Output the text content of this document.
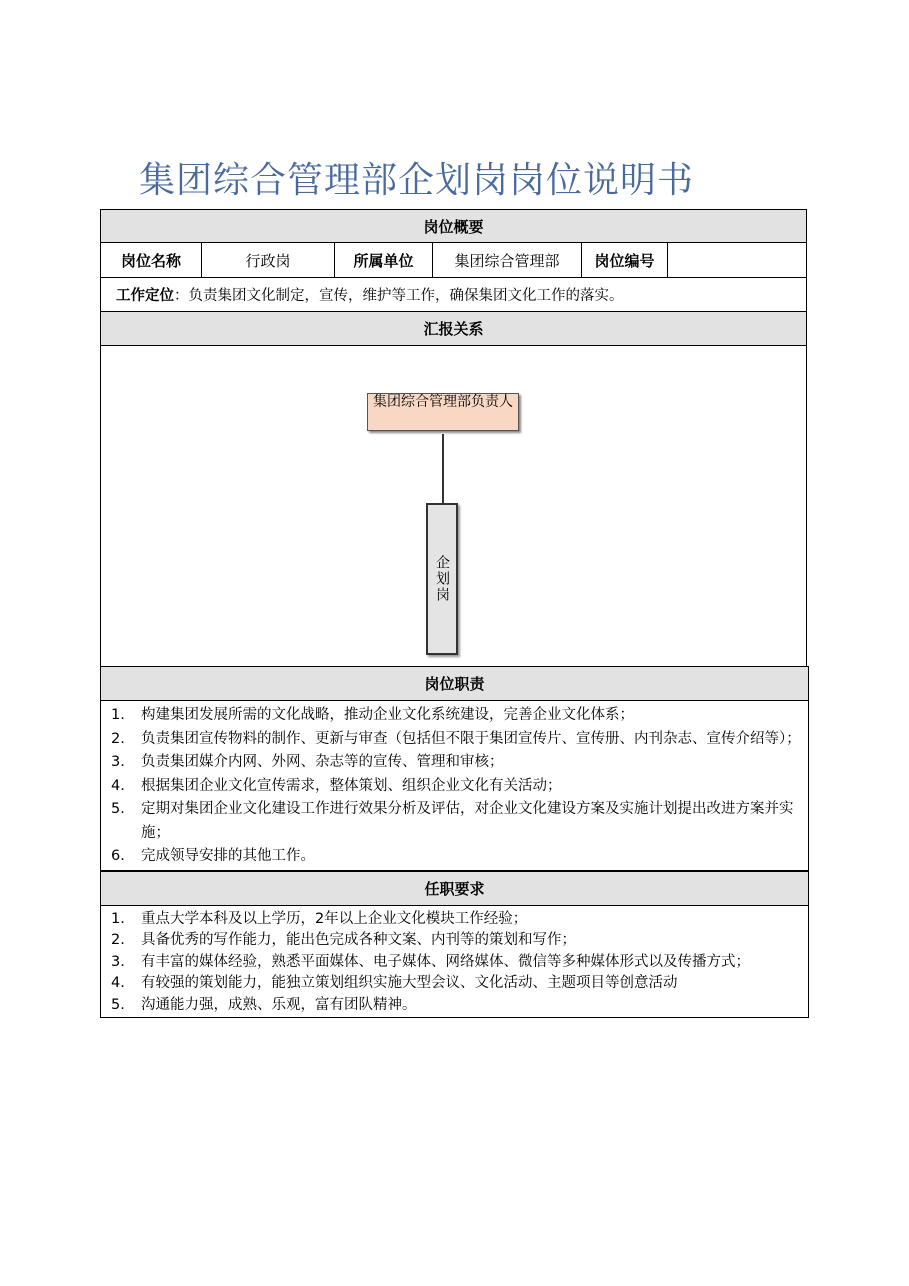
集团综合管理部企划岗岗位说明书
岗位概要
岗位名称	行政岗	所属单位	集团综合管理部	岗位编号
工作定位 ：负责集团文化制定，宣传，维护等工作，确保集团文化工作的落实。
汇报关系
集团综合管理部负责人
企划岗
岗位职责
1.	构建集团发展所需的文化战略，推动企业文化系统建设，完善企业文化体系；
2.	负责集团宣传物料的制作、更新与审查（包括但不限于集团宣传片、宣传册、内刊杂志、宣传介绍等）；
3.	负责集团媒介内网、外网、杂志等的宣传、管理和审核；
4.	根据集团企业文化宣传需求，整体策划、组织企业文化有关活动；
5.	定期对集团企业文化建设工作进行效果分析及评估，对企业文化建设方案及实施计划提出改进方案并实施；
6.	完成领导安排的其他工作。
任职要求
1.	重点大学本科及以上学历，2年以上企业文化模块工作经验；
2.	具备优秀的写作能力，能出色完成各种文案、内刊等的策划和写作；
3.	有丰富的媒体经验，熟悉平面媒体、电子媒体、网络媒体、微信等多种媒体形式以及传播方式；
4.	有较强的策划能力，能独立策划组织实施大型会议、文化活动、主题项目等创意活动
5.	沟通能力强，成熟、乐观，富有团队精神。
